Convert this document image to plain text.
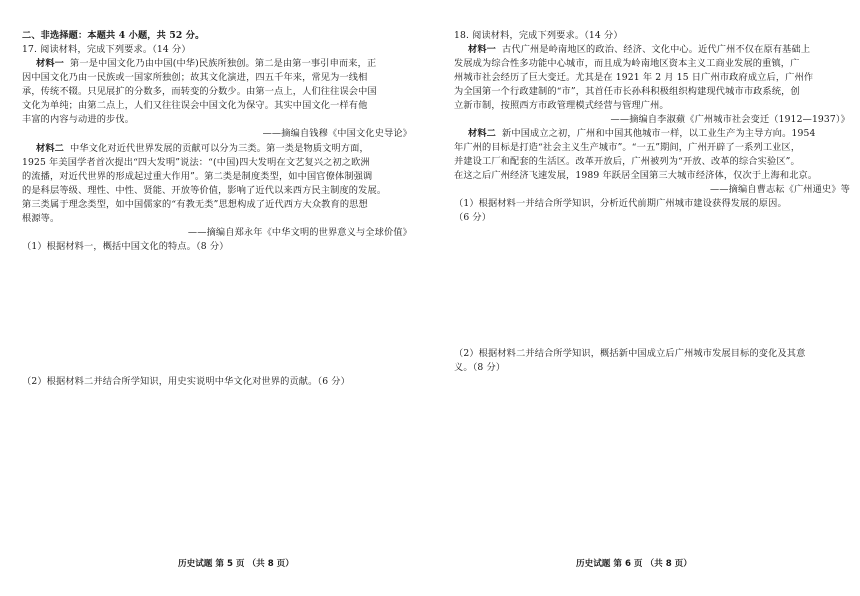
二、非选择题：本题共 4 小题，共 52 分。
17. 阅读材料，完成下列要求。（14 分）
材料一 第一是中国文化乃由中国(中华)民族所独创。第二是由第一事引申而来，正
因中国文化乃由一民族或一国家所独创；故其文化演进，四五千年来，常见为一线相
承，传统不辍。只见展扩的分数多，而转变的分数少。由第一点上，人们往往误会中国
文化为单纯；由第二点上，人们又往往误会中国文化为保守。其实中国文化一样有他
丰富的内容与动进的步伐。
——摘编自钱穆《中国文化史导论》
材料二 中华文化对近代世界发展的贡献可以分为三类。第一类是物质文明方面，
1925 年美国学者首次提出“四大发明”说法：“(中国)四大发明在文艺复兴之初之欧洲
的流播，对近代世界的形成起过重大作用”。第二类是制度类型，如中国官僚体制强调
的是科层等级、理性、中性、贤能、开放等价值，影响了近代以来西方民主制度的发展。
第三类属于理念类型，如中国儒家的“有教无类”思想构成了近代西方大众教育的思想
根源等。
——摘编自郑永年《中华文明的世界意义与全球价值》
（1）根据材料一，概括中国文化的特点。（8 分）
（2）根据材料二并结合所学知识，用史实说明中华文化对世界的贡献。（6 分）
历史试题 第 5 页 （共 8 页）
18. 阅读材料，完成下列要求。（14 分）
材料一 古代广州是岭南地区的政治、经济、文化中心。近代广州不仅在原有基础上
发展成为综合性多功能中心城市，而且成为岭南地区资本主义工商业发展的重镇，广
州城市社会经历了巨大变迁。尤其是在 1921 年 2 月 15 日广州市政府成立后，广州作
为全国第一个行政建制的“市”，其首任市长孙科积极组织构建现代城市市政系统，创
立新市制，按照西方市政管理模式经营与管理广州。
——摘编自李淑蘋《广州城市社会变迁（1912—1937）》
材料二 新中国成立之初，广州和中国其他城市一样，以工业生产为主导方向。1954
年广州的目标是打造“社会主义生产城市”。“一五”期间，广州开辟了一系列工业区，
并建设工厂和配套的生活区。改革开放后，广州被列为“开放、改革的综合实验区”。
在这之后广州经济飞速发展，1989 年跃居全国第三大城市经济体，仅次于上海和北京。
——摘编自曹志耘《广州通史》等
（1）根据材料一并结合所学知识，分析近代前期广州城市建设获得发展的原因。
（6 分）
（2）根据材料二并结合所学知识，概括新中国成立后广州城市发展目标的变化及其意
义。（8 分）
历史试题 第 6 页 （共 8 页）
